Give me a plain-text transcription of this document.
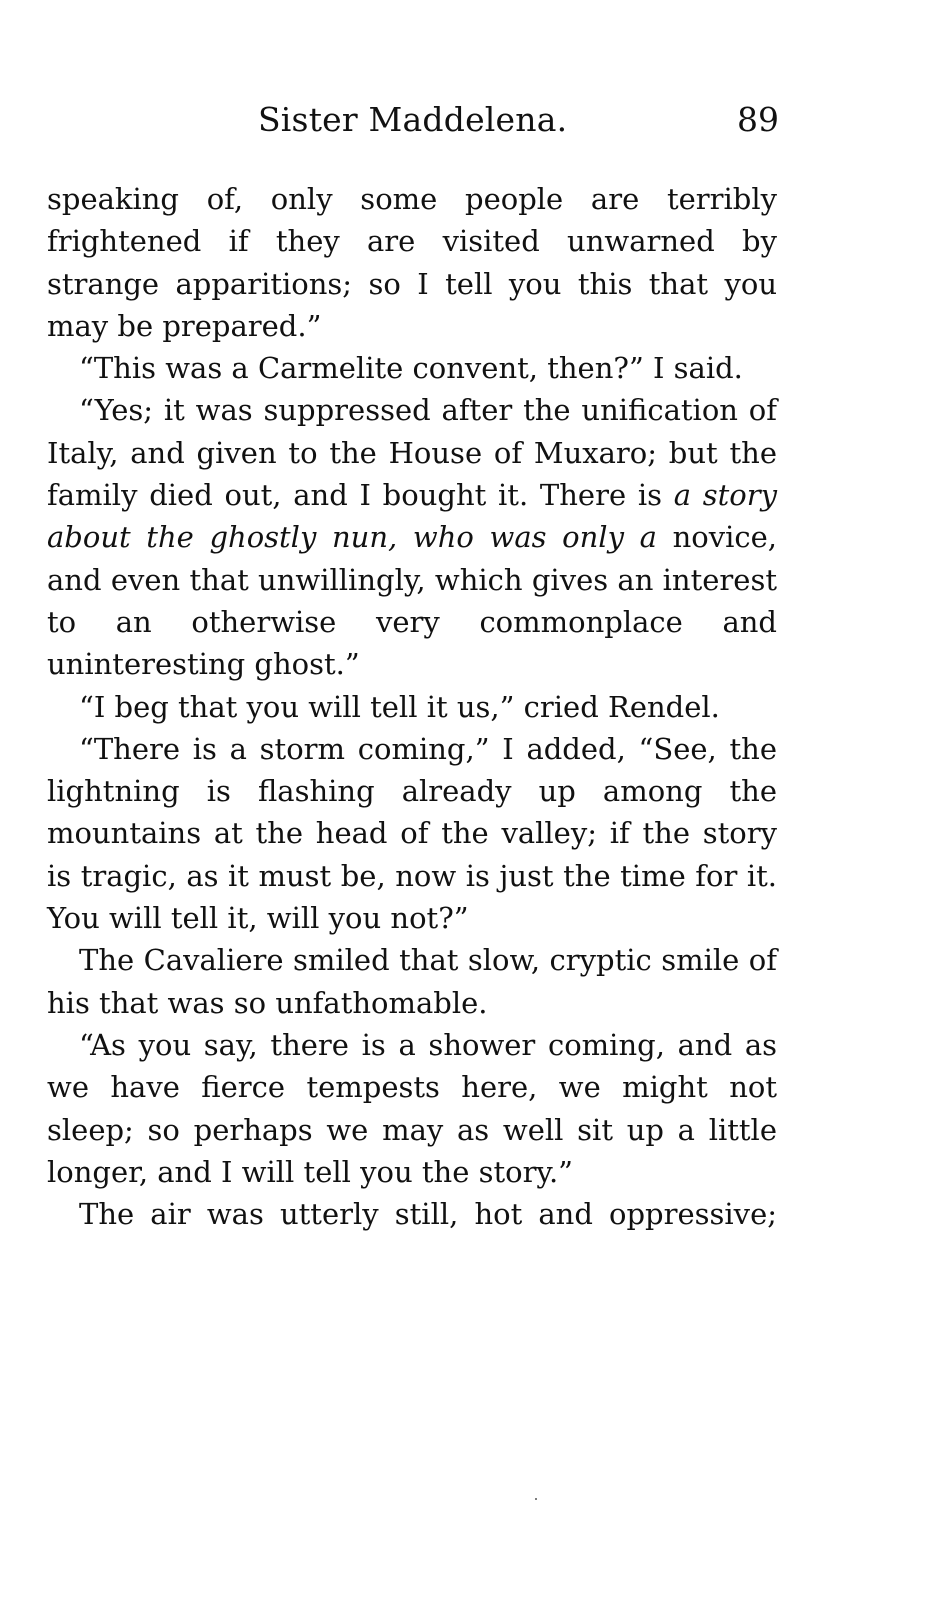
Sister Maddelena.	89

speaking of, only some people are terribly frightened if they are visited unwarned by strange apparitions; so I tell you this that you may be prepared.”

“This was a Carmelite convent, then?” I said.

“Yes; it was suppressed after the unification of Italy, and given to the House of Muxaro; but the family died out, and I bought it. There is a story about the ghostly nun, who was only a novice, and even that unwillingly, which gives an interest to an otherwise very commonplace and uninteresting ghost.”

“I beg that you will tell it us,” cried Rendel.

“There is a storm coming,” I added, “See, the lightning is flashing already up among the mountains at the head of the valley; if the story is tragic, as it must be, now is just the time for it. You will tell it, will you not?”

The Cavaliere smiled that slow, cryptic smile of his that was so unfathomable.

“As you say, there is a shower coming, and as we have fierce tempests here, we might not sleep; so perhaps we may as well sit up a little longer, and I will tell you the story.”

The air was utterly still, hot and oppressive;
